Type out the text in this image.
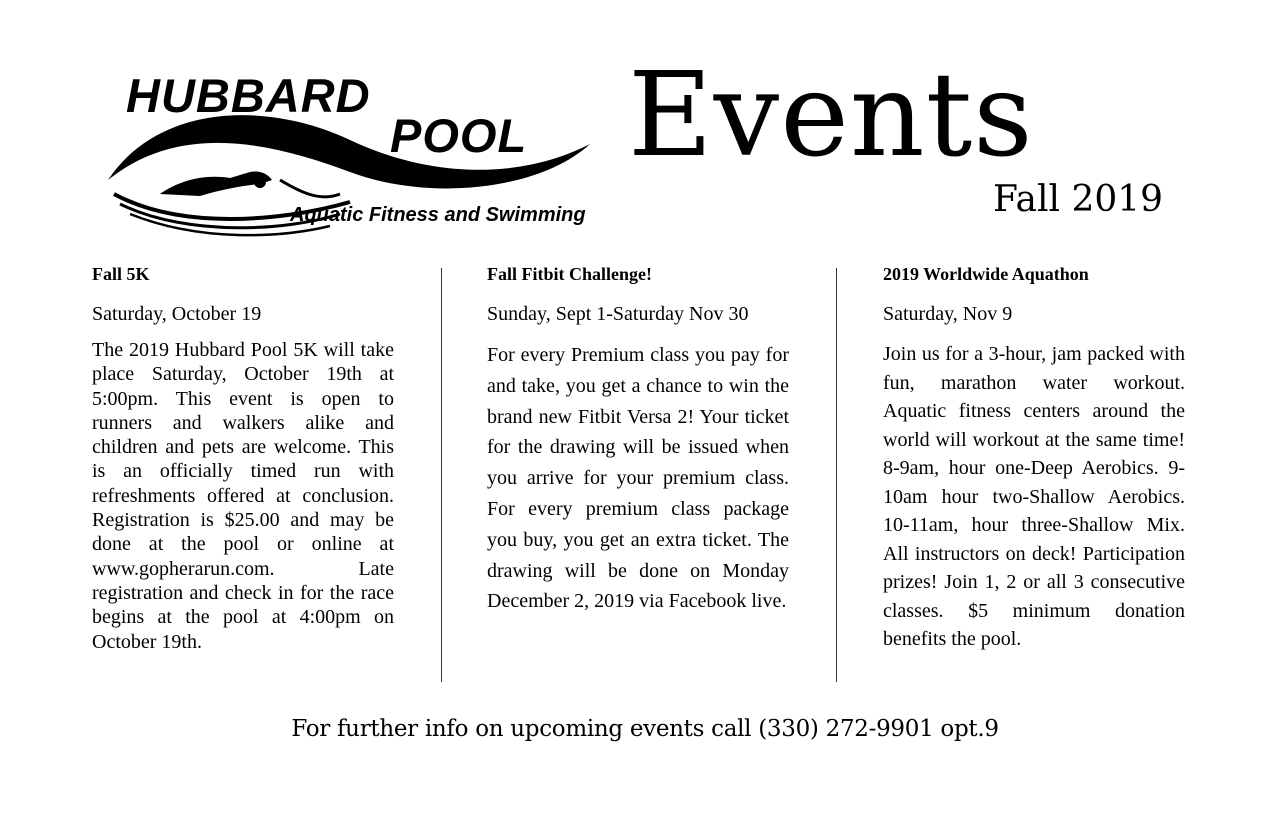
HUBBARD
POOL
Aquatic Fitness and Swimming
Events
Fall 2019
Fall 5K

Saturday, October 19

The 2019 Hubbard Pool 5K will take place Saturday, October 19th at 5:00pm. This event is open to runners and walkers alike and children and pets are welcome. This is an officially timed run with refreshments offered at conclusion. Registration is $25.00 and may be done at the pool or online at www.gopherarun.com. Late registration and check in for the race begins at the pool at 4:00pm on October 19th.

Fall Fitbit Challenge!

Sunday, Sept 1-Saturday Nov 30

For every Premium class you pay for and take, you get a chance to win the brand new Fitbit Versa 2! Your ticket for the drawing will be issued when you arrive for your premium class. For every premium class package you buy, you get an extra ticket. The drawing will be done on Monday December 2, 2019 via Facebook live.

2019 Worldwide Aquathon

Saturday, Nov 9

Join us for a 3-hour, jam packed with fun, marathon water workout. Aquatic fitness centers around the world will workout at the same time! 8-9am, hour one-Deep Aerobics. 9-10am hour two-Shallow Aerobics. 10-11am, hour three-Shallow Mix. All instructors on deck! Participation prizes! Join 1, 2 or all 3 consecutive classes. $5 minimum donation benefits the pool.

For further info on upcoming events call (330) 272-9901 opt.9
